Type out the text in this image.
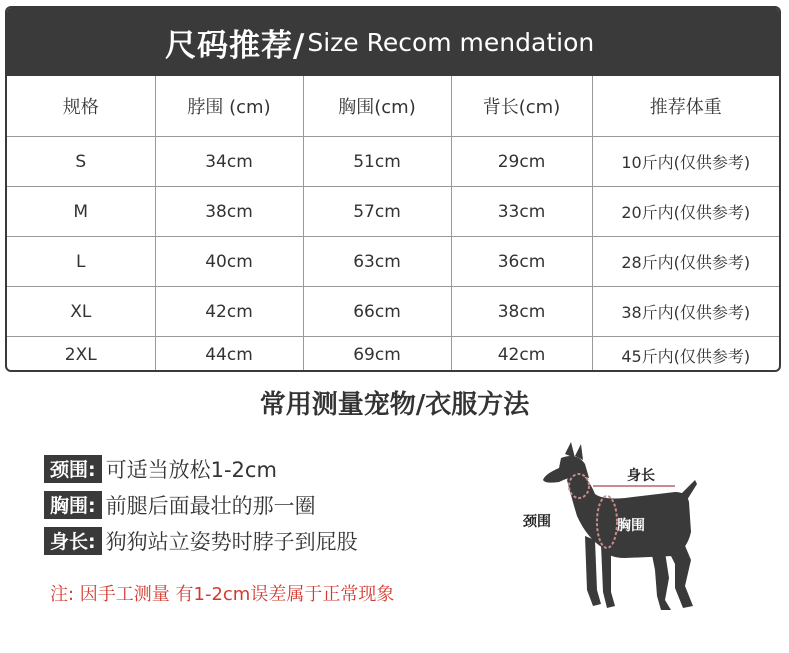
尺码推荐/ Size Recom mendation
规格	脖围 (cm)	胸围(cm)	背长(cm)	推荐体重
S	34cm	51cm	29cm	10斤内(仅供参考)
M	38cm	57cm	33cm	20斤内(仅供参考)
L	40cm	63cm	36cm	28斤内(仅供参考)
XL	42cm	66cm	38cm	38斤内(仅供参考)
2XL	44cm	69cm	42cm	45斤内(仅供参考)
常用测量宠物/衣服方法
颈围: 可适当放松1-2cm
胸围: 前腿后面最壮的那一圈
身长: 狗狗站立姿势时脖子到屁股
注: 因手工测量 有1-2cm误差属于正常现象
颈围
身长
胸围
